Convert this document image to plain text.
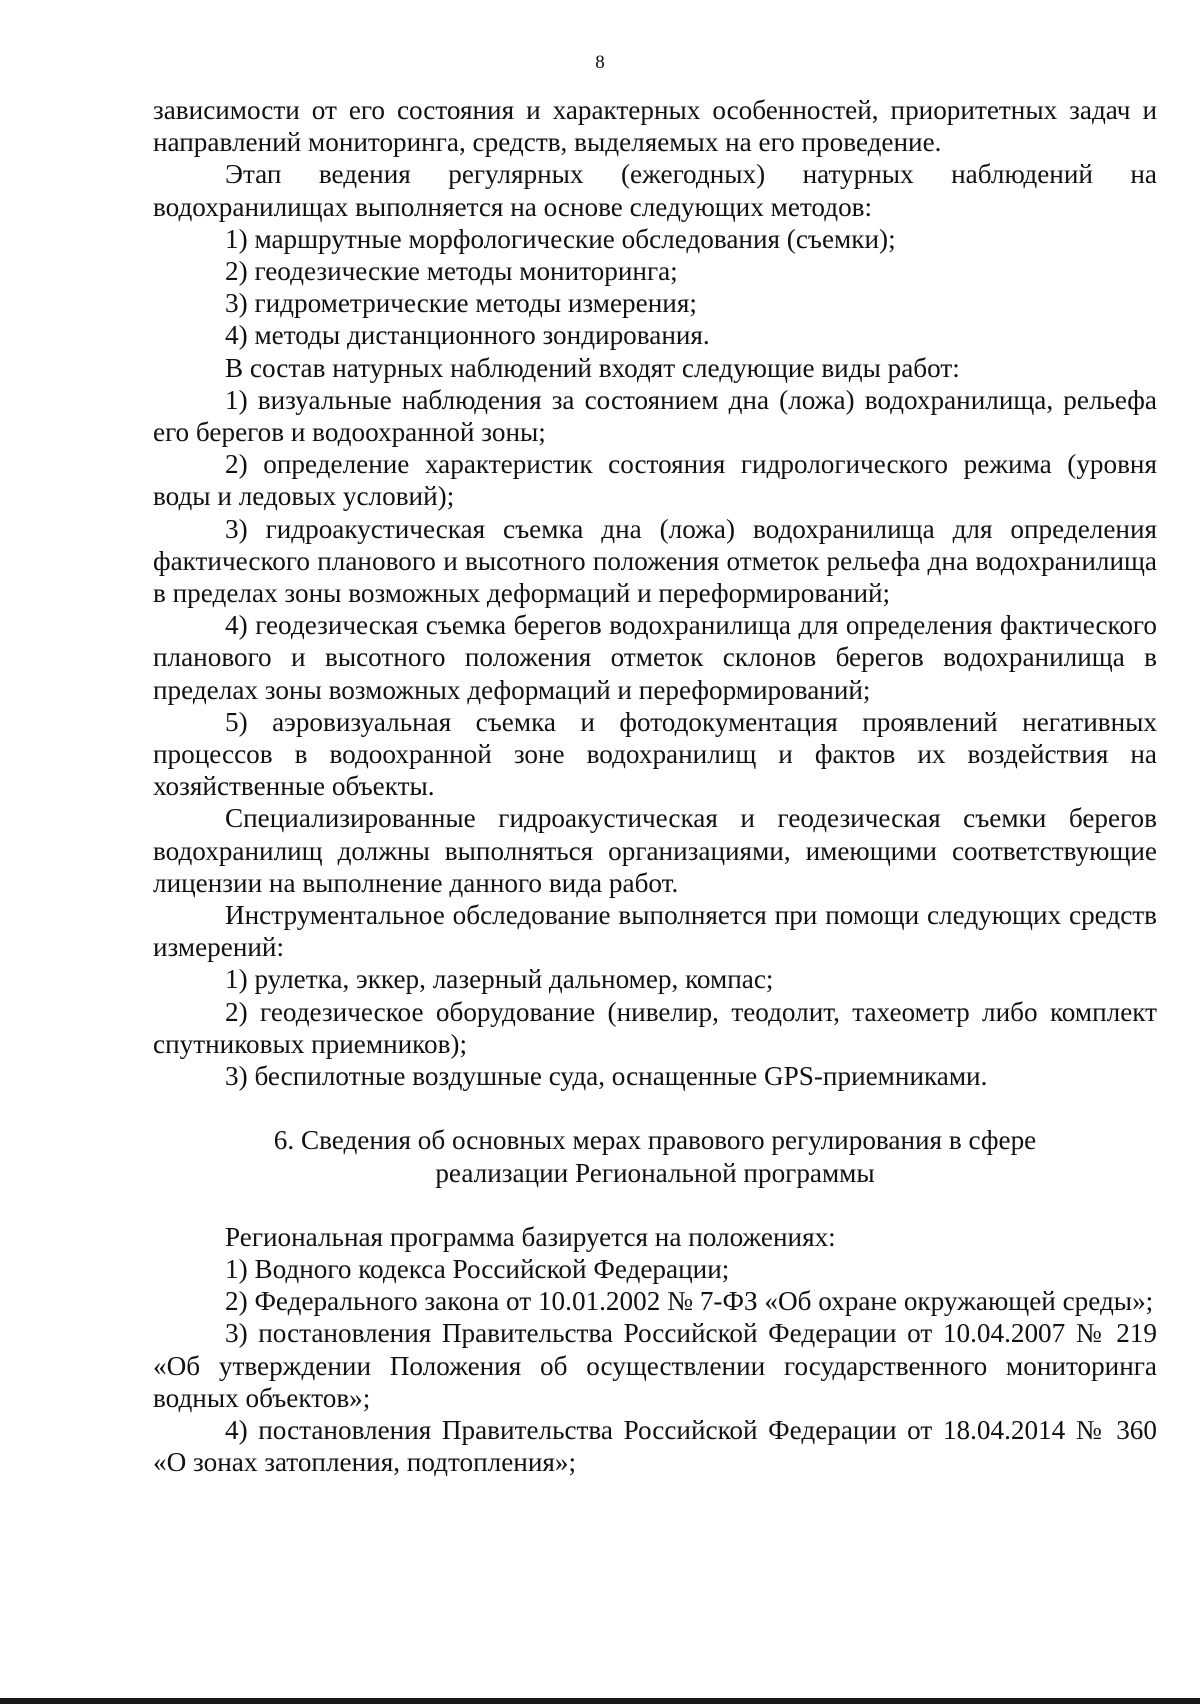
8

зависимости от его состояния и характерных особенностей, приоритетных задач и направлений мониторинга, средств, выделяемых на его проведение.

Этап ведения регулярных (ежегодных) натурных наблюдений на водохранилищах выполняется на основе следующих методов:

1) маршрутные морфологические обследования (съемки);

2) геодезические методы мониторинга;

3) гидрометрические методы измерения;

4) методы дистанционного зондирования.

В состав натурных наблюдений входят следующие виды работ:

1) визуальные наблюдения за состоянием дна (ложа) водохранилища, рельефа его берегов и водоохранной зоны;

2) определение характеристик состояния гидрологического режима (уровня воды и ледовых условий);

3) гидроакустическая съемка дна (ложа) водохранилища для определения фактического планового и высотного положения отметок рельефа дна водохранилища в пределах зоны возможных деформаций и переформирований;

4) геодезическая съемка берегов водохранилища для определения фактического планового и высотного положения отметок склонов берегов водохранилища в пределах зоны возможных деформаций и переформирований;

5) аэровизуальная съемка и фотодокументация проявлений негативных процессов в водоохранной зоне водохранилищ и фактов их воздействия на хозяйственные объекты.

Специализированные гидроакустическая и геодезическая съемки берегов водохранилищ должны выполняться организациями, имеющими соответствующие лицензии на выполнение данного вида работ.

Инструментальное обследование выполняется при помощи следующих средств измерений:

1) рулетка, эккер, лазерный дальномер, компас;

2) геодезическое оборудование (нивелир, теодолит, тахеометр либо комплект спутниковых приемников);

3) беспилотные воздушные суда, оснащенные GPS-приемниками.

6. Сведения об основных мерах правового регулирования в сфере реализации Региональной программы

Региональная программа базируется на положениях:

1) Водного кодекса Российской Федерации;

2) Федерального закона от 10.01.2002 № 7-ФЗ «Об охране окружающей среды»;

3) постановления Правительства Российской Федерации от 10.04.2007 № 219 «Об утверждении Положения об осуществлении государственного мониторинга водных объектов»;

4) постановления Правительства Российской Федерации от 18.04.2014 № 360 «О зонах затопления, подтопления»;
